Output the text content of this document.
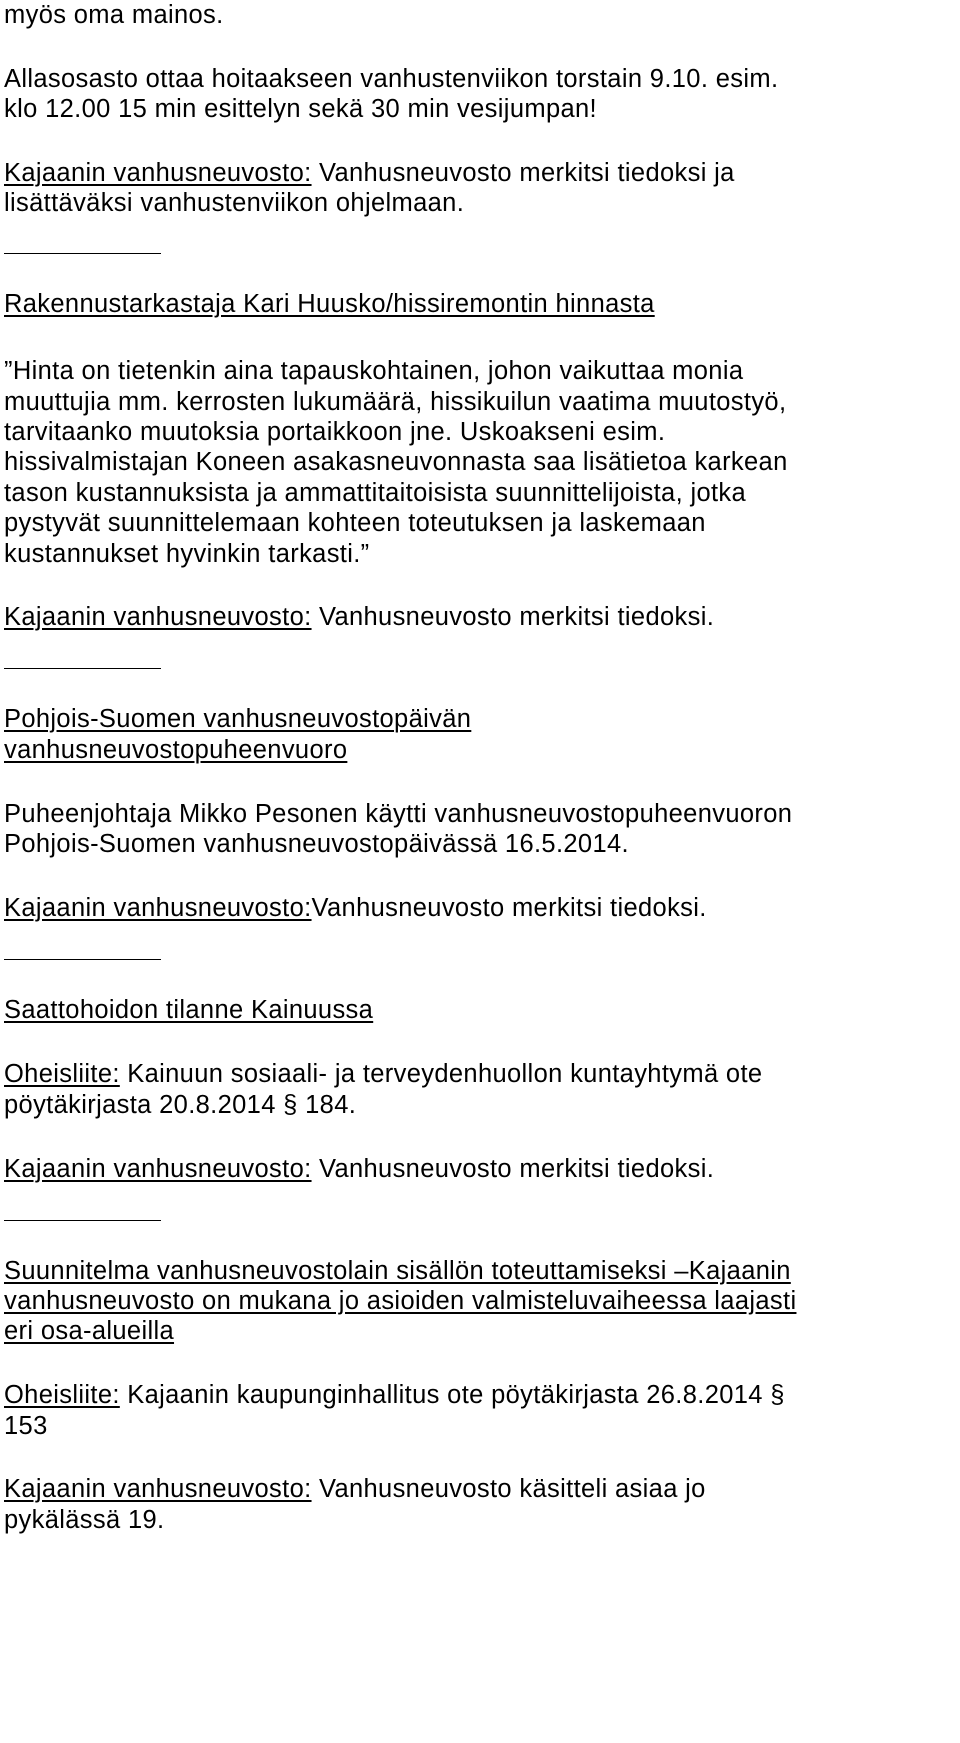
myös oma mainos.
Allasosasto ottaa hoitaakseen vanhustenviikon torstain 9.10. esim.
klo 12.00 15 min esittelyn sekä 30 min vesijumpan!
Kajaanin vanhusneuvosto: Vanhusneuvosto merkitsi tiedoksi ja
lisättäväksi vanhustenviikon ohjelmaan.
Rakennustarkastaja Kari Huusko/hissiremontin hinnasta
”Hinta on tietenkin aina tapauskohtainen, johon vaikuttaa monia
muuttujia mm. kerrosten lukumäärä, hissikuilun vaatima muutostyö,
tarvitaanko muutoksia portaikkoon jne. Uskoakseni esim.
hissivalmistajan Koneen asakasneuvonnasta saa lisätietoa karkean
tason kustannuksista ja ammattitaitoisista suunnittelijoista, jotka
pystyvät suunnittelemaan kohteen toteutuksen ja laskemaan
kustannukset hyvinkin tarkasti.”
Kajaanin vanhusneuvosto: Vanhusneuvosto merkitsi tiedoksi.
Pohjois-Suomen vanhusneuvostopäivän
vanhusneuvostopuheenvuoro
Puheenjohtaja Mikko Pesonen käytti vanhusneuvostopuheenvuoron
Pohjois-Suomen vanhusneuvostopäivässä 16.5.2014.
Kajaanin vanhusneuvosto:Vanhusneuvosto merkitsi tiedoksi.
Saattohoidon tilanne Kainuussa
Oheisliite: Kainuun sosiaali- ja terveydenhuollon kuntayhtymä ote
pöytäkirjasta 20.8.2014 § 184.
Kajaanin vanhusneuvosto: Vanhusneuvosto merkitsi tiedoksi.
Suunnitelma vanhusneuvostolain sisällön toteuttamiseksi –Kajaanin
vanhusneuvosto on mukana jo asioiden valmisteluvaiheessa laajasti
eri osa-alueilla
Oheisliite: Kajaanin kaupunginhallitus ote pöytäkirjasta 26.8.2014 §
153
Kajaanin vanhusneuvosto: Vanhusneuvosto käsitteli asiaa jo
pykälässä 19.
